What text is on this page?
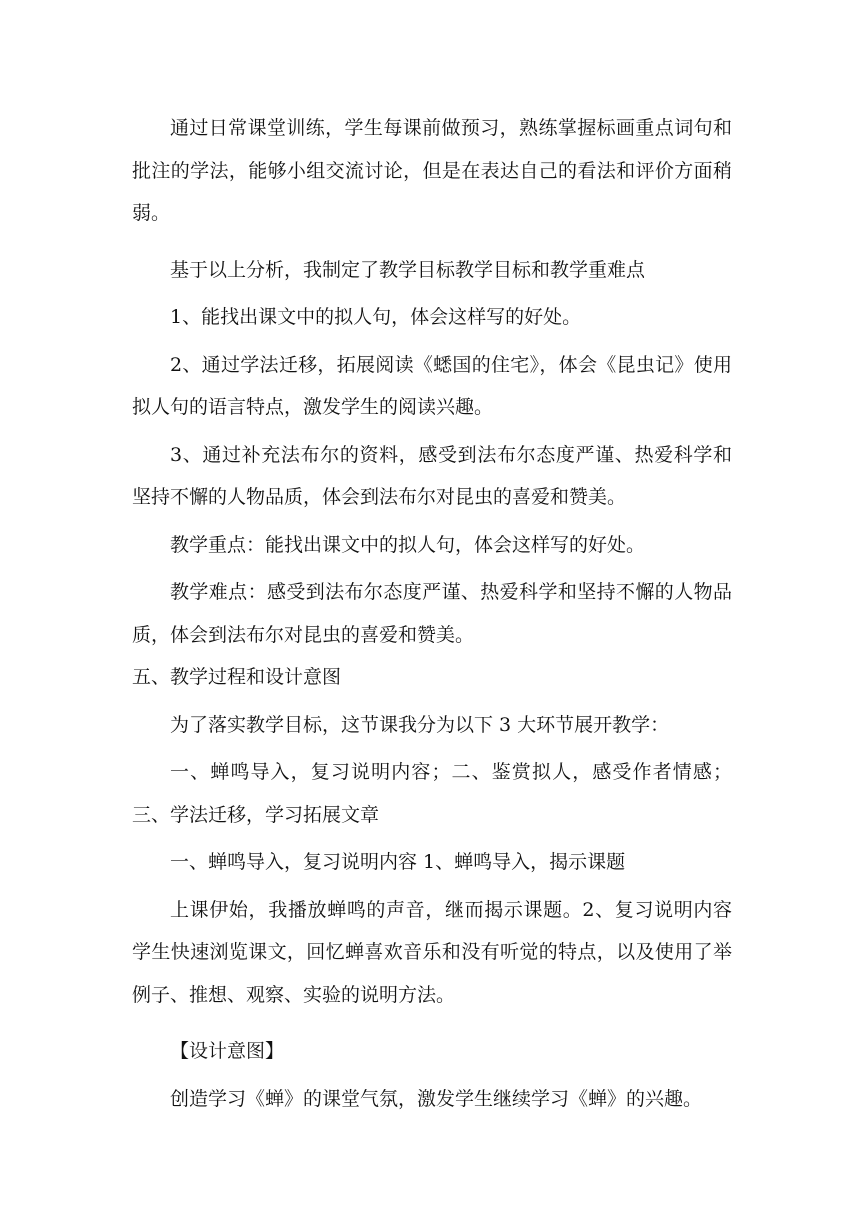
通过日常课堂训练，学生每课前做预习，熟练掌握标画重点词句和批注的学法，能够小组交流讨论，但是在表达自己的看法和评价方面稍弱。

基于以上分析，我制定了教学目标教学目标和教学重难点

1、能找出课文中的拟人句，体会这样写的好处。

2、通过学法迁移，拓展阅读《蟋国的住宅》，体会《昆虫记》使用拟人句的语言特点，激发学生的阅读兴趣。

3、通过补充法布尔的资料，感受到法布尔态度严谨、热爱科学和坚持不懈的人物品质，体会到法布尔对昆虫的喜爱和赞美。

教学重点：能找出课文中的拟人句，体会这样写的好处。

教学难点：感受到法布尔态度严谨、热爱科学和坚持不懈的人物品质，体会到法布尔对昆虫的喜爱和赞美。

五、教学过程和设计意图

为了落实教学目标，这节课我分为以下 3 大环节展开教学：

一、蝉鸣导入，复习说明内容；二、鉴赏拟人，感受作者情感；三、学法迁移，学习拓展文章

一、蝉鸣导入，复习说明内容 1、蝉鸣导入，揭示课题

上课伊始，我播放蝉鸣的声音，继而揭示课题。2、复习说明内容学生快速浏览课文，回忆蝉喜欢音乐和没有听觉的特点，以及使用了举例子、推想、观察、实验的说明方法。

【设计意图】

创造学习《蝉》的课堂气氛，激发学生继续学习《蝉》的兴趣。
